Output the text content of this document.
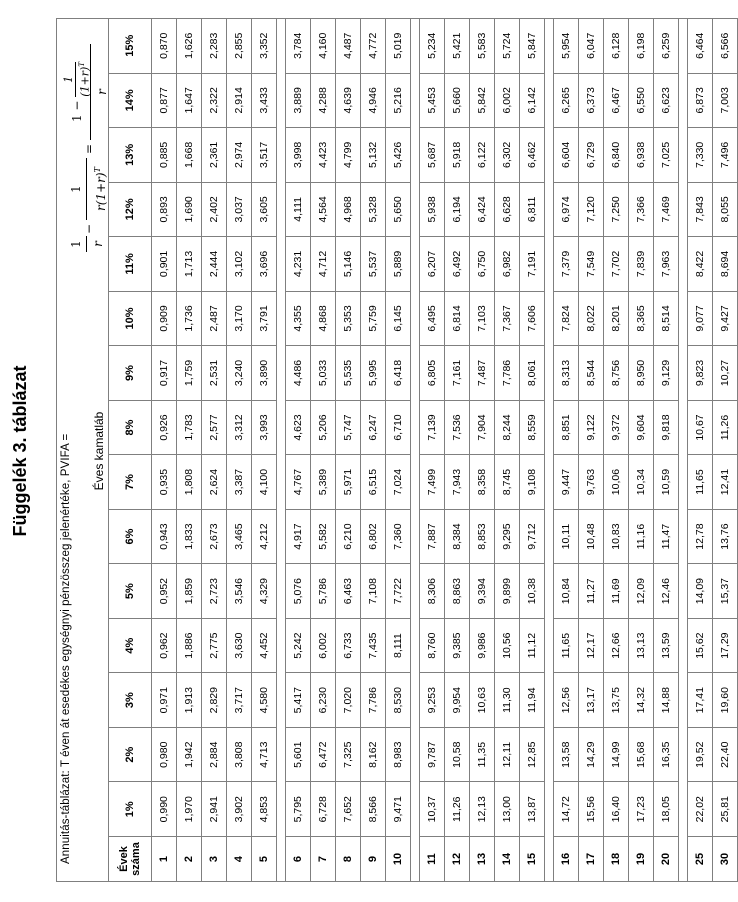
Függelék 3. táblázat	Annuitás-táblázat: T éven át esedékes egységnyi pénzösszeg jelenértéke, PVIFA =
1 r
−
1 $r(1+r)^T$
=
1 −
1 $(1+r)^T$
r
Éves kamatláb
Évek száma	1%	2%	3%	4%	5%	6%	7%	8%	9%	10%	11%	12%	13%	14%	15%
1	0,990	0,980	0,971	0,962	0,952	0,943	0,935	0,926	0,917	0,909	0,901	0,893	0,885	0,877	0,870
2	1,970	1,942	1,913	1,886	1,859	1,833	1,808	1,783	1,759	1,736	1,713	1,690	1,668	1,647	1,626
3	2,941	2,884	2,829	2,775	2,723	2,673	2,624	2,577	2,531	2,487	2,444	2,402	2,361	2,322	2,283
4	3,902	3,808	3,717	3,630	3,546	3,465	3,387	3,312	3,240	3,170	3,102	3,037	2,974	2,914	2,855
5	4,853	4,713	4,580	4,452	4,329	4,212	4,100	3,993	3,890	3,791	3,696	3,605	3,517	3,433	3,352

6	5,795	5,601	5,417	5,242	5,076	4,917	4,767	4,623	4,486	4,355	4,231	4,111	3,998	3,889	3,784
7	6,728	6,472	6,230	6,002	5,786	5,582	5,389	5,206	5,033	4,868	4,712	4,564	4,423	4,288	4,160
8	7,652	7,325	7,020	6,733	6,463	6,210	5,971	5,747	5,535	5,353	5,146	4,968	4,799	4,639	4,487
9	8,566	8,162	7,786	7,435	7,108	6,802	6,515	6,247	5,995	5,759	5,537	5,328	5,132	4,946	4,772
10	9,471	8,983	8,530	8,111	7,722	7,360	7,024	6,710	6,418	6,145	5,889	5,650	5,426	5,216	5,019

11	10,37	9,787	9,253	8,760	8,306	7,887	7,499	7,139	6,805	6,495	6,207	5,938	5,687	5,453	5,234
12	11,26	10,58	9,954	9,385	8,863	8,384	7,943	7,536	7,161	6,814	6,492	6,194	5,918	5,660	5,421
13	12,13	11,35	10,63	9,986	9,394	8,853	8,358	7,904	7,487	7,103	6,750	6,424	6,122	5,842	5,583
14	13,00	12,11	11,30	10,56	9,899	9,295	8,745	8,244	7,786	7,367	6,982	6,628	6,302	6,002	5,724
15	13,87	12,85	11,94	11,12	10,38	9,712	9,108	8,559	8,061	7,606	7,191	6,811	6,462	6,142	5,847

16	14,72	13,58	12,56	11,65	10,84	10,11	9,447	8,851	8,313	7,824	7,379	6,974	6,604	6,265	5,954
17	15,56	14,29	13,17	12,17	11,27	10,48	9,763	9,122	8,544	8,022	7,549	7,120	6,729	6,373	6,047
18	16,40	14,99	13,75	12,66	11,69	10,83	10,06	9,372	8,756	8,201	7,702	7,250	6,840	6,467	6,128
19	17,23	15,68	14,32	13,13	12,09	11,16	10,34	9,604	8,950	8,365	7,839	7,366	6,938	6,550	6,198
20	18,05	16,35	14,88	13,59	12,46	11,47	10,59	9,818	9,129	8,514	7,963	7,469	7,025	6,623	6,259

25	22,02	19,52	17,41	15,62	14,09	12,78	11,65	10,67	9,823	9,077	8,422	7,843	7,330	6,873	6,464
30	25,81	22,40	19,60	17,29	15,37	13,76	12,41	11,26	10,27	9,427	8,694	8,055	7,496	7,003	6,566
